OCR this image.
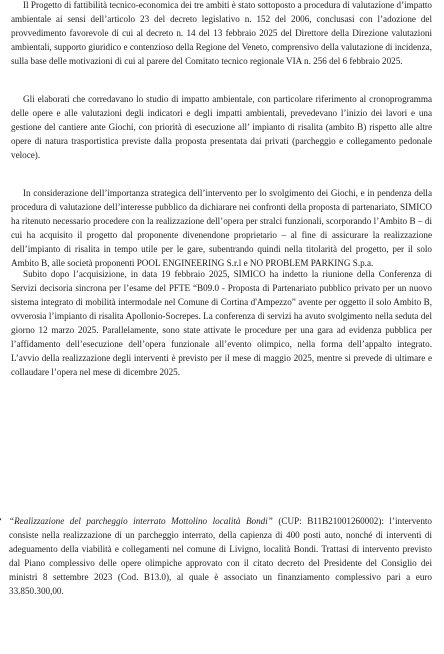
Il Progetto di fattibilità tecnico-economica dei tre ambiti è stato sottoposto a procedura di valutazione d’impatto ambientale ai sensi dell’articolo 23 del decreto legislativo n. 152 del 2006, conclusasi con l’adozione del provvedimento favorevole di cui al decreto n. 14 del 13 febbraio 2025 del Direttore della Direzione valutazioni ambientali, supporto giuridico e contenzioso della Regione del Veneto, comprensivo della valutazione di incidenza, sulla base delle motivazioni di cui al parere del Comitato tecnico regionale VIA n. 256 del 6 febbraio 2025.

Gli elaborati che corredavano lo studio di impatto ambientale, con particolare riferimento al cronoprogramma delle opere e alle valutazioni degli indicatori e degli impatti ambientali, prevedevano l’inizio dei lavori e una gestione del cantiere ante Giochi, con priorità di esecuzione all’ impianto di risalita (ambito B) rispetto alle altre opere di natura trasportistica previste dalla proposta presentata dai privati (parcheggio e collegamento pedonale veloce).

In considerazione dell’importanza strategica dell’intervento per lo svolgimento dei Giochi, e in pendenza della procedura di valutazione dell’interesse pubblico da dichiarare nei confronti della proposta di partenariato, SIMICO ha ritenuto necessario procedere con la realizzazione dell’opera per stralci funzionali, scorporando l’Ambito B – di cui ha acquisito il progetto dal proponente divenendone proprietario – al fine di assicurare la realizzazione dell’impianto di risalita in tempo utile per le gare, subentrando quindi nella titolarità del progetto, per il solo Ambito B, alle società proponenti POOL ENGINEERING S.r.l e NO PROBLEM PARKING S.p.a.

Subito dopo l’acquisizione, in data 19 febbraio 2025, SIMICO ha indetto la riunione della Conferenza di Servizi decisoria sincrona per l’esame del PFTE “B09.0 - Proposta di Partenariato pubblico privato per un nuovo sistema integrato di mobilità intermodale nel Comune di Cortina d'Ampezzo” avente per oggetto il solo Ambito B, ovverosia l’impianto di risalita Apollonio-Socrepes. La conferenza di servizi ha avuto svolgimento nella seduta del giorno 12 marzo 2025. Parallelamente, sono state attivate le procedure per una gara ad evidenza pubblica per l’affidamento dell’esecuzione dell’opera funzionale all’evento olimpico, nella forma dell’appalto integrato. L’avvio della realizzazione degli interventi è previsto per il mese di maggio 2025, mentre si prevede di ultimare e collaudare l’opera nel mese di dicembre 2025.

“Realizzazione del parcheggio interrato Mottolino località Bondi” (CUP: B11B21001260002): l’intervento consiste nella realizzazione di un parcheggio interrato, della capienza di 400 posti auto, nonché di interventi di adeguamento della viabilità e collegamenti nel comune di Livigno, località Bondi. Trattasi di intervento previsto dal Piano complessivo delle opere olimpiche approvato con il citato decreto del Presidente del Consiglio dei ministri 8 settembre 2023 (Cod. B13.0), al quale è associato un finanziamento complessivo pari a euro 33.850.300,00.
